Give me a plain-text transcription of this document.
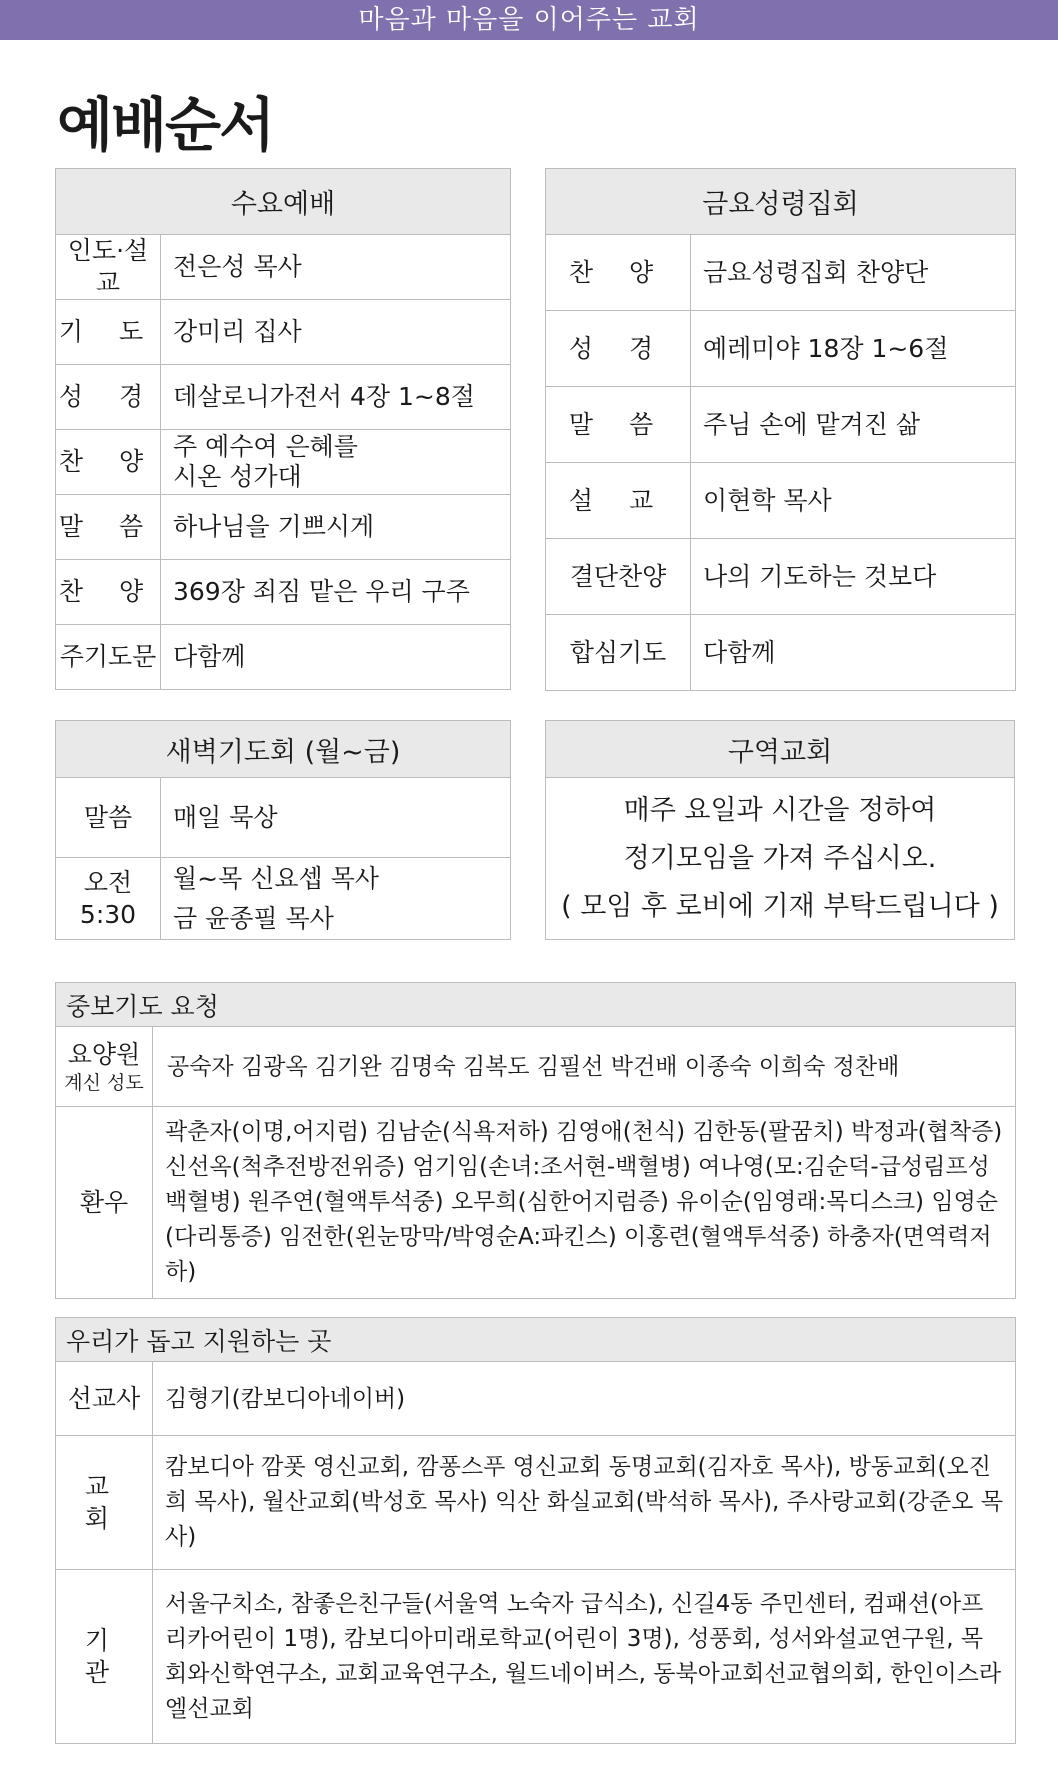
마음과 마음을 이어주는 교회
예배순서
수요예배	
인도·설교	전은성 목사
기 도	강미리 집사
성 경	데살로니가전서 4장 1~8절
찬 양	주 예수여 은혜를
시온 성가대

말 씀	하나님을 기쁘시게
찬 양	369장 죄짐 맡은 우리 구주
주기도문	다함께
금요성령집회	
찬 양	금요성령집회 찬양단
성 경	예레미야 18장 1~6절
말 씀	주님 손에 맡겨진 삶
설 교	이현학 목사
결단찬양	나의 기도하는 것보다
합심기도	다함께
새벽기도회 (월~금)	
말씀	매일 묵상
오전 5:30	월~목 신요셉 목사
금 윤종필 목사
구역교회

매주 요일과 시간을 정하여
정기모임을 가져 주십시오.
( 모임 후 로비에 기재 부탁드립니다 )
중보기도 요청	

요양원
계신 성도	공숙자 김광옥 김기완 김명숙 김복도 김필선 박건배 이종숙 이희숙 정찬배
환우	곽춘자(이명,어지럼) 김남순(식욕저하) 김영애(천식) 김한동(팔꿈치) 박정과(협착증) 신선옥(척추전방전위증) 엄기임(손녀:조서현-백혈병) 여나영(모:김순덕-급성림프성백혈병) 원주연(혈액투석중) 오무희(심한어지럼증) 유이순(임영래:목디스크) 임영순(다리통증) 임전한(왼눈망막/박영순A:파킨스) 이홍련(혈액투석중) 하충자(면역력저하)
우리가 돕고 지원하는 곳	
선교사	김형기(캄보디아네이버)
교 회	캄보디아 깜폿 영신교회, 깜퐁스푸 영신교회 동명교회(김자호 목사), 방동교회(오진희 목사), 월산교회(박성호 목사) 익산 화실교회(박석하 목사), 주사랑교회(강준오 목사)
기 관	서울구치소, 참좋은친구들(서울역 노숙자 급식소), 신길4동 주민센터, 컴패션(아프리카어린이 1명), 캄보디아미래로학교(어린이 3명), 성풍회, 성서와설교연구원, 목회와신학연구소, 교회교육연구소, 월드네이버스, 동북아교회선교협의회, 한인이스라엘선교회
